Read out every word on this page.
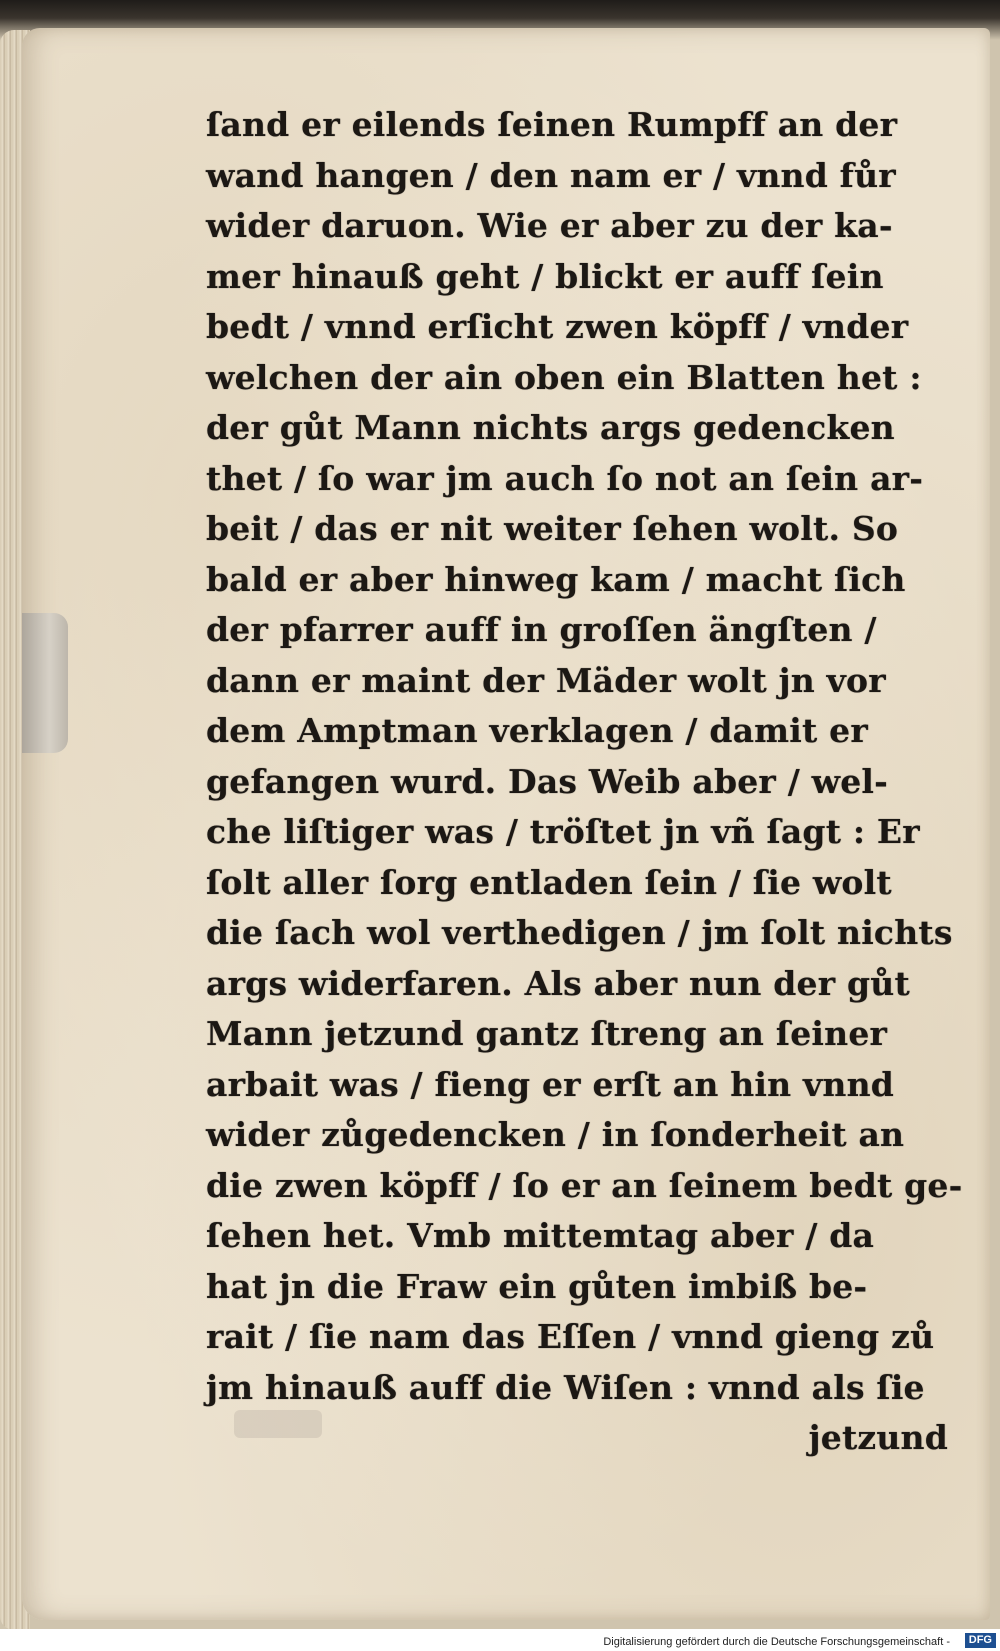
ſand er eilends ſeinen Rumpff an der
wand hangen / den nam er / vnnd fůr
wider daruon. Wie er aber zu der ka-
mer hinauß geht / blickt er auff ſein
bedt / vnnd erſicht zwen köpff / vnder
welchen der ain oben ein Blatten het :
der gůt Mann nichts args gedencken
thet / ſo war jm auch ſo not an ſein ar-
beit / das er nit weiter ſehen wolt. So
bald er aber hinweg kam / macht ſich
der pfarrer auff in groſſen ängſten /
dann er maint der Mäder wolt jn vor
dem Amptman verklagen / damit er
gefangen wurd. Das Weib aber / wel-
che liſtiger was / tröſtet jn vñ ſagt : Er
ſolt aller ſorg entladen ſein / ſie wolt
die ſach wol verthedigen / jm ſolt nichts
args widerfaren. Als aber nun der gůt
Mann jetzund gantz ſtreng an ſeiner
arbait was / fieng er erſt an hin vnnd
wider zůgedencken / in ſonderheit an
die zwen köpff / ſo er an ſeinem bedt ge-
ſehen het. Vmb mittemtag aber / da
hat jn die Fraw ein gůten imbiß be-
rait / ſie nam das Eſſen / vnnd gieng zů
jm hinauß auff die Wiſen : vnnd als ſie
jetzund
Digitalisierung gefördert durch die Deutsche Forschungsgemeinschaft -	DFG
